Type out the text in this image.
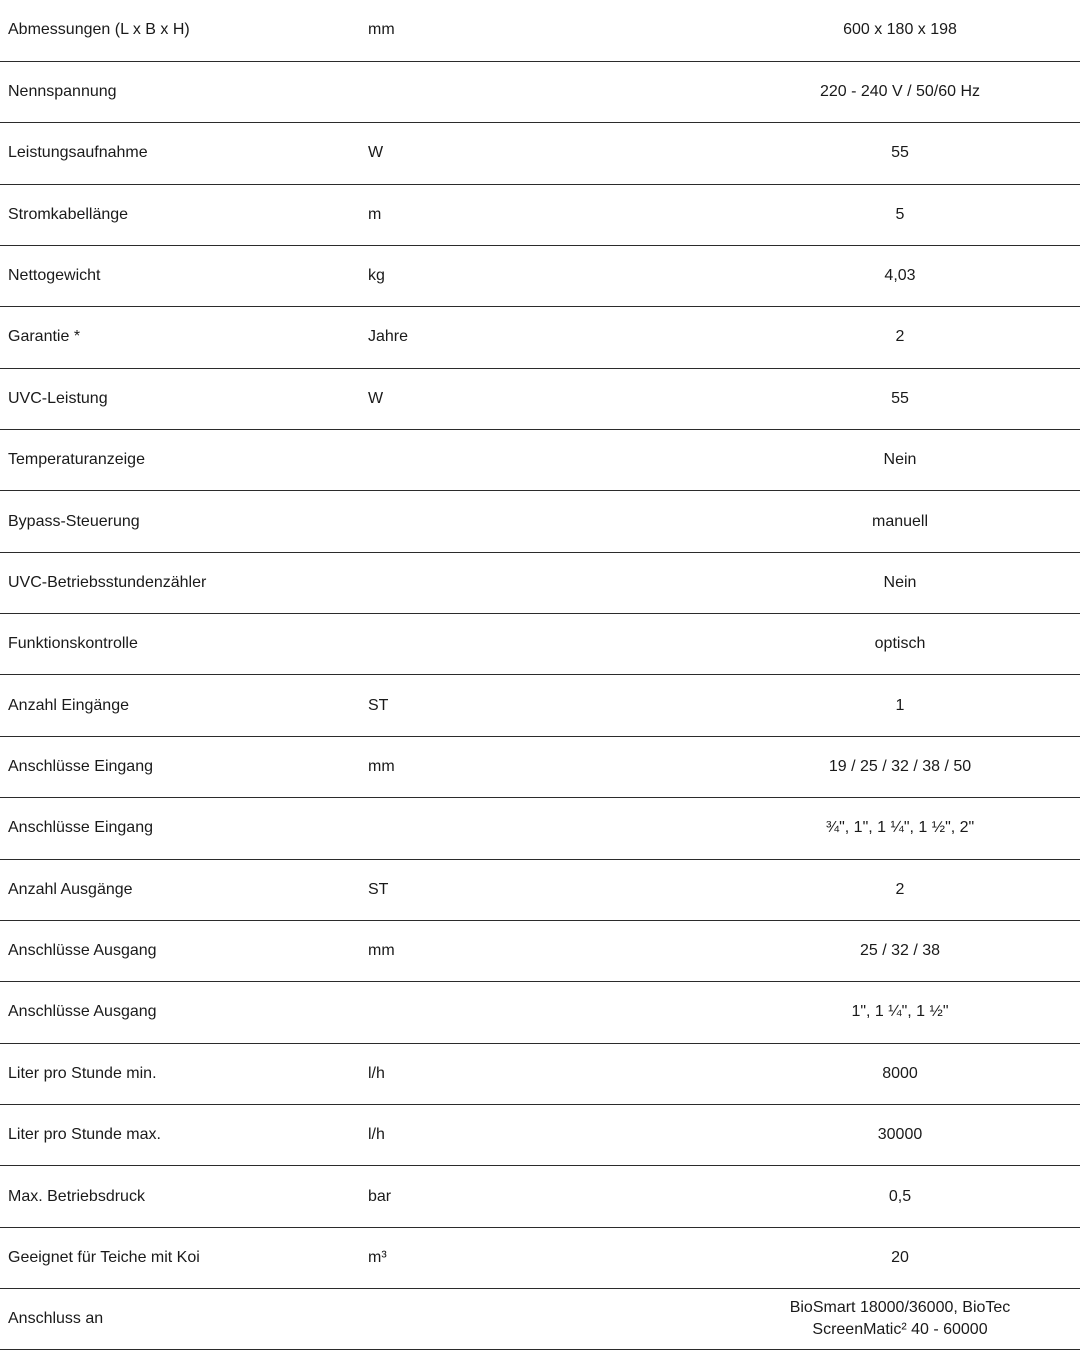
Abmessungen (L x B x H)	mm	600 x 180 x 198
Nennspannung		220 - 240 V / 50/60 Hz
Leistungsaufnahme	W	55
Stromkabellänge	m	5
Nettogewicht	kg	4,03
Garantie *	Jahre	2
UVC-Leistung	W	55
Temperaturanzeige		Nein
Bypass-Steuerung		manuell
UVC-Betriebsstundenzähler		Nein
Funktionskontrolle		optisch
Anzahl Eingänge	ST	1
Anschlüsse Eingang	mm	19 / 25 / 32 / 38 / 50
Anschlüsse Eingang		¾", 1", 1 ¼", 1 ½", 2"
Anzahl Ausgänge	ST	2
Anschlüsse Ausgang	mm	25 / 32 / 38
Anschlüsse Ausgang		1", 1 ¼", 1 ½"
Liter pro Stunde min.	l/h	8000
Liter pro Stunde max.	l/h	30000
Max. Betriebsdruck	bar	0,5
Geeignet für Teiche mit Koi	m³	20
Anschluss an		BioSmart 18000/36000, BioTec
ScreenMatic² 40 - 60000
